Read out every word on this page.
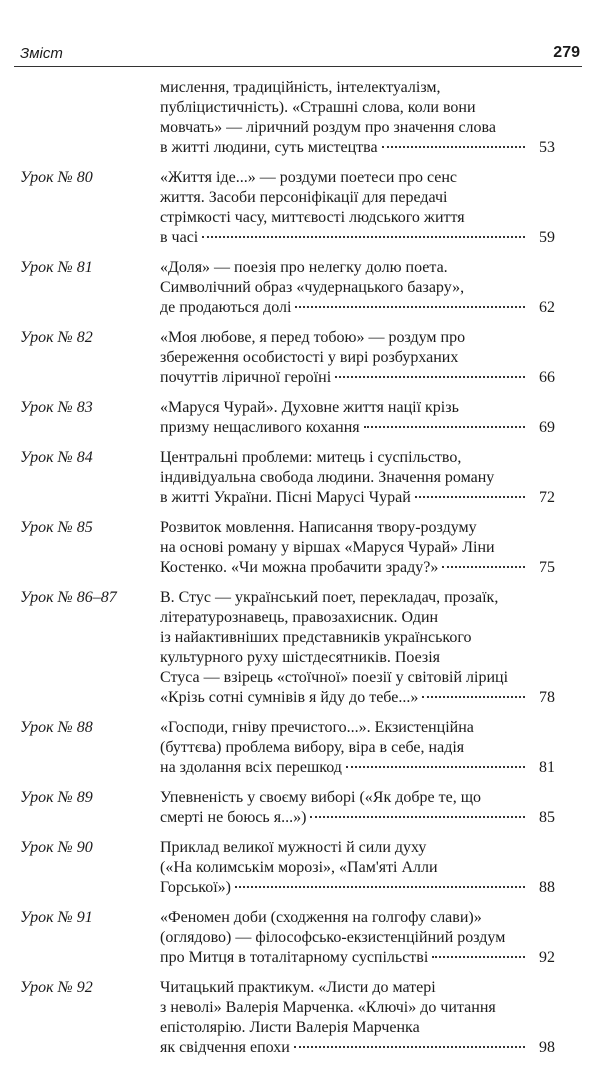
Зміст	279
мислення, традиційність, інтелектуалізм,
публіцистичність). «Страшні слова, коли вони
мовчать» — ліричний роздум про значення слова
в житті людини, суть мистецтва	53
Урок № 80	«Життя іде...» — роздуми поетеси про сенс
життя. Засоби персоніфікації для передачі
стрімкості часу, миттєвості людського життя
в часі	59
Урок № 81	«Доля» — поезія про нелегку долю поета.
Символічний образ «чудернацького базару»,
де продаються долі	62
Урок № 82	«Моя любове, я перед тобою» — роздум про
збереження особистості у вирі розбурханих
почуттів ліричної героїні	66
Урок № 83	«Маруся Чурай». Духовне життя нації крізь
призму нещасливого кохання	69
Урок № 84	Центральні проблеми: митець і суспільство,
індивідуальна свобода людини. Значення роману
в житті України. Пісні Марусі Чурай	72
Урок № 85	Розвиток мовлення. Написання твору-роздуму
на основі роману у віршах «Маруся Чурай» Ліни
Костенко. «Чи можна пробачити зраду?»	75
Урок № 86–87	В. Стус — український поет, перекладач, прозаїк,
літературознавець, правозахисник. Один
із найактивніших представників українського
культурного руху шістдесятників. Поезія
Стуса — взірець «стоїчної» поезії у світовій ліриці
«Крізь сотні сумнівів я йду до тебе...»	78
Урок № 88	«Господи, гніву пречистого...». Екзистенційна
(буттєва) проблема вибору, віра в себе, надія
на здолання всіх перешкод	81
Урок № 89	Упевненість у своєму виборі («Як добре те, що
смерті не боюсь я...»)	85
Урок № 90	Приклад великої мужності й сили духу
(«На колимськім морозі», «Пам'яті Алли
Горської»)	88
Урок № 91	«Феномен доби (сходження на голгофу слави)»
(оглядово) — філософсько-екзистенційний роздум
про Митця в тоталітарному суспільстві	92
Урок № 92	Читацький практикум. «Листи до матері
з неволі» Валерія Марченка. «Ключі» до читання
епістолярію. Листи Валерія Марченка
як свідчення епохи	98
